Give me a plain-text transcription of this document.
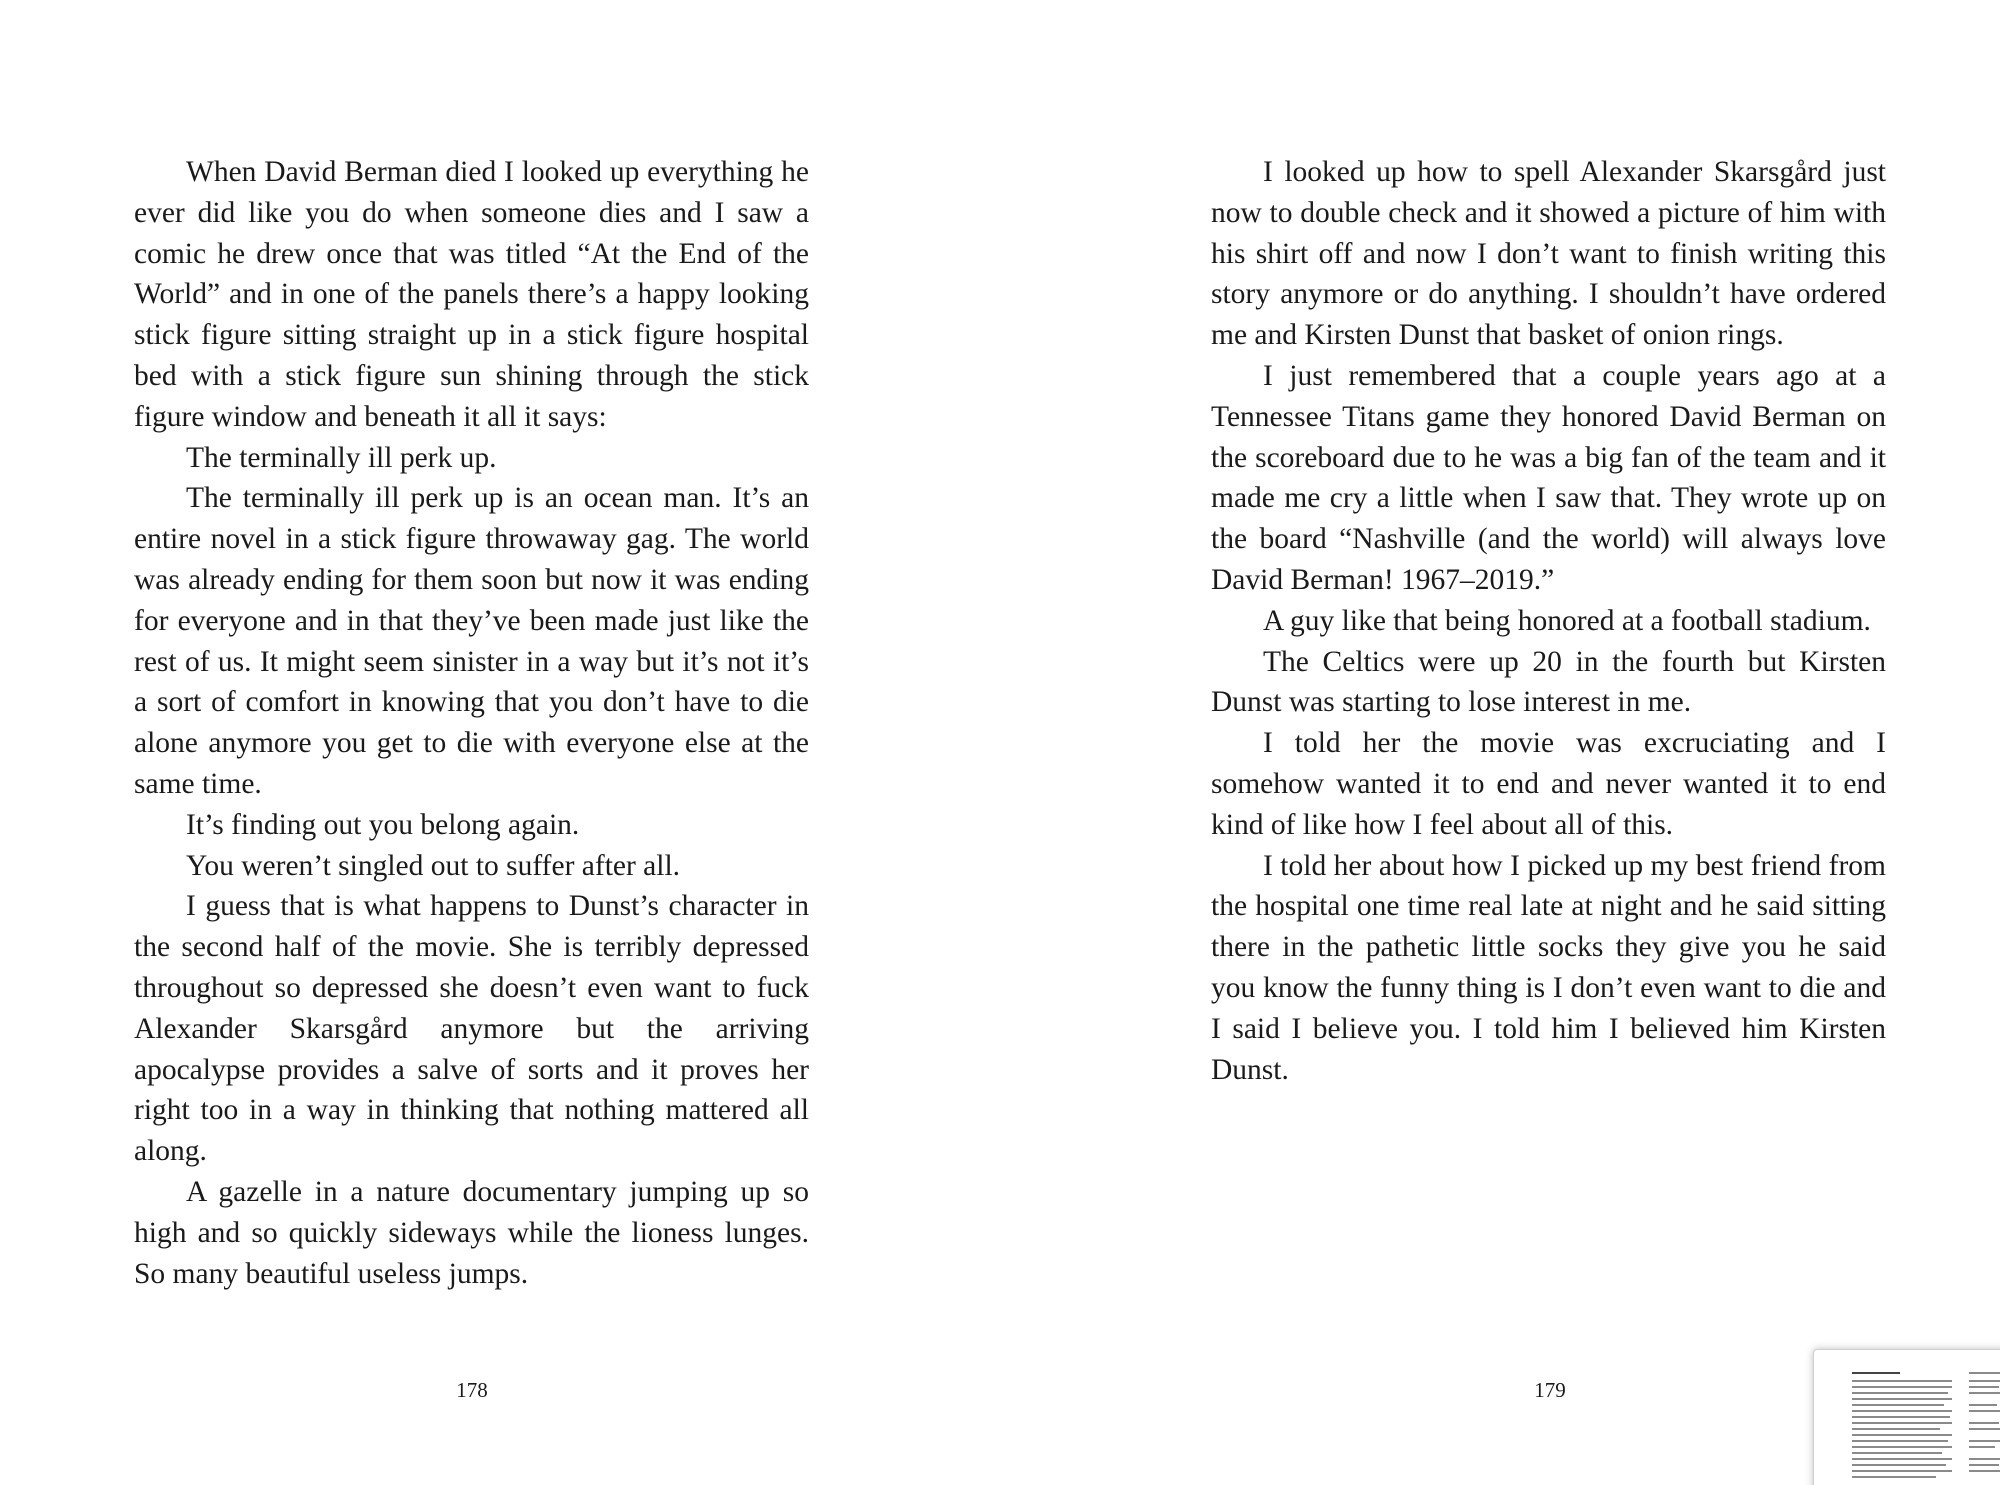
When David Berman died I looked up everything he ever did like you do when someone dies and I saw a comic he drew once that was titled “At the End of the World” and in one of the panels there’s a happy looking stick figure sitting straight up in a stick figure hospital bed with a stick figure sun shining through the stick figure window and beneath it all it says:

The terminally ill perk up.

The terminally ill perk up is an ocean man. It’s an entire novel in a stick figure throwaway gag. The world was already ending for them soon but now it was ending for everyone and in that they’ve been made just like the rest of us. It might seem sinister in a way but it’s not it’s a sort of comfort in knowing that you don’t have to die alone anymore you get to die with everyone else at the same time.

It’s finding out you belong again.

You weren’t singled out to suffer after all.

I guess that is what happens to Dunst’s character in the second half of the movie. She is terribly depressed throughout so depressed she doesn’t even want to fuck Alexander Skarsgård anymore but the arriving apocalypse provides a salve of sorts and it proves her right too in a way in thinking that nothing mattered all along.

A gazelle in a nature documentary jumping up so high and so quickly sideways while the lioness lunges. So many beautiful useless jumps.

I looked up how to spell Alexander Skarsgård just now to double check and it showed a picture of him with his shirt off and now I don’t want to finish writing this story anymore or do anything. I shouldn’t have ordered me and Kirsten Dunst that basket of onion rings.

I just remembered that a couple years ago at a Tennessee Titans game they honored David Berman on the scoreboard due to he was a big fan of the team and it made me cry a little when I saw that. They wrote up on the board “Nashville (and the world) will always love David Berman! 1967–2019.”

A guy like that being honored at a football stadium.

The Celtics were up 20 in the fourth but Kirsten Dunst was starting to lose interest in me.

I told her the movie was excruciating and I somehow wanted it to end and never wanted it to end kind of like how I feel about all of this.

I told her about how I picked up my best friend from the hospital one time real late at night and he said sitting there in the pathetic little socks they give you he said you know the funny thing is I don’t even want to die and I said I believe you. I told him I believed him Kirsten Dunst.

178	179
